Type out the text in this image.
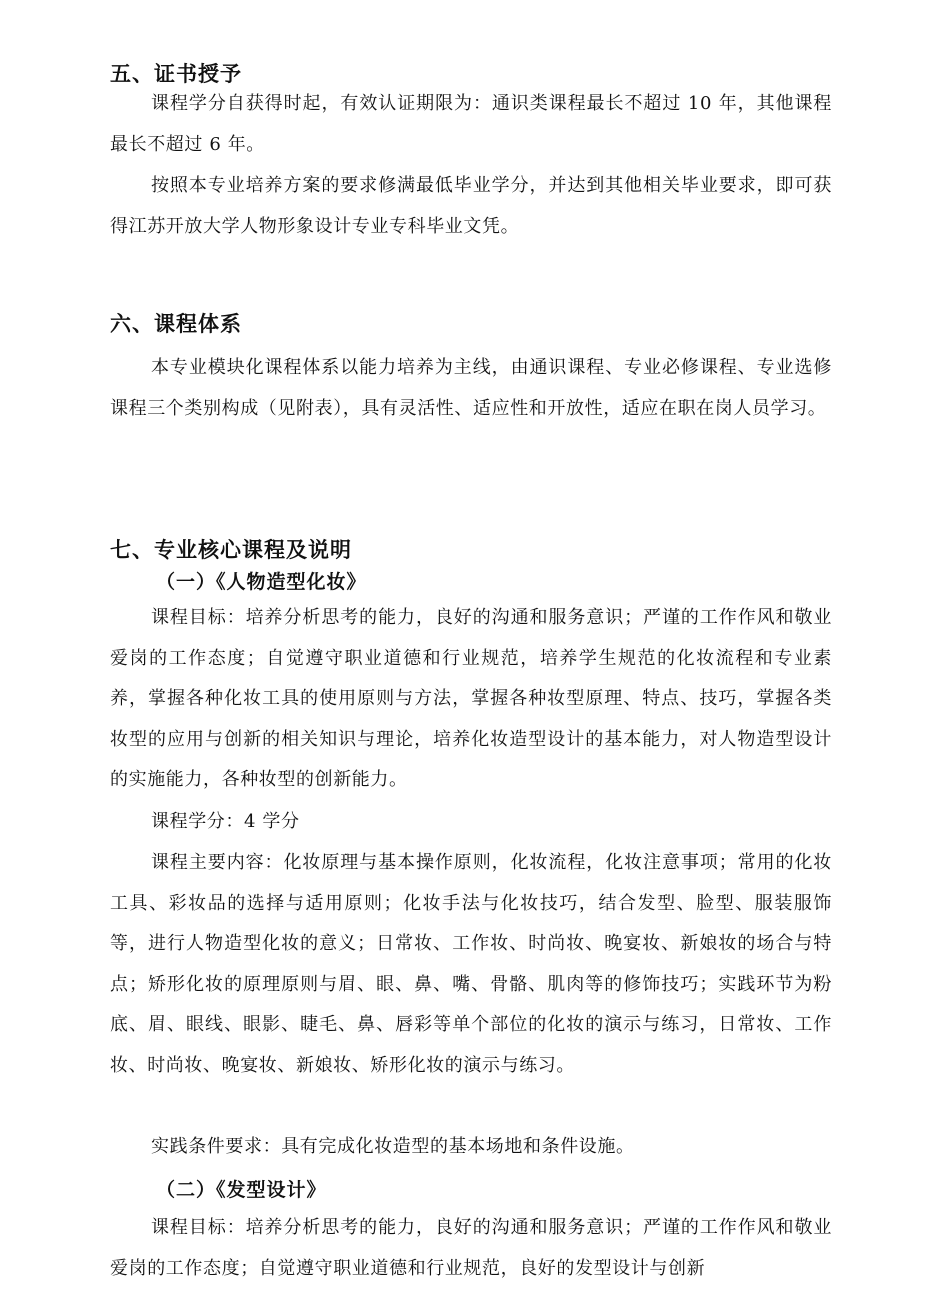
五、证书授予
课程学分自获得时起，有效认证期限为：通识类课程最长不超过 10 年，其他课程最长不超过 6 年。
按照本专业培养方案的要求修满最低毕业学分，并达到其他相关毕业要求，即可获得江苏开放大学人物形象设计专业专科毕业文凭。
六、课程体系
本专业模块化课程体系以能力培养为主线，由通识课程、专业必修课程、专业选修课程三个类别构成（见附表），具有灵活性、适应性和开放性，适应在职在岗人员学习。
七、专业核心课程及说明
（一）《人物造型化妆》
课程目标：培养分析思考的能力，良好的沟通和服务意识；严谨的工作作风和敬业爱岗的工作态度；自觉遵守职业道德和行业规范，培养学生规范的化妆流程和专业素养，掌握各种化妆工具的使用原则与方法，掌握各种妆型原理、特点、技巧，掌握各类妆型的应用与创新的相关知识与理论，培养化妆造型设计的基本能力，对人物造型设计的实施能力，各种妆型的创新能力。
课程学分：4 学分
课程主要内容：化妆原理与基本操作原则，化妆流程，化妆注意事项；常用的化妆工具、彩妆品的选择与适用原则；化妆手法与化妆技巧，结合发型、脸型、服装服饰等，进行人物造型化妆的意义；日常妆、工作妆、时尚妆、晚宴妆、新娘妆的场合与特点；矫形化妆的原理原则与眉、眼、鼻、嘴、骨骼、肌肉等的修饰技巧；实践环节为粉底、眉、眼线、眼影、睫毛、鼻、唇彩等单个部位的化妆的演示与练习，日常妆、工作妆、时尚妆、晚宴妆、新娘妆、矫形化妆的演示与练习。
实践条件要求：具有完成化妆造型的基本场地和条件设施。
（二）《发型设计》
课程目标：培养分析思考的能力，良好的沟通和服务意识；严谨的工作作风和敬业爱岗的工作态度；自觉遵守职业道德和行业规范，良好的发型设计与创新
